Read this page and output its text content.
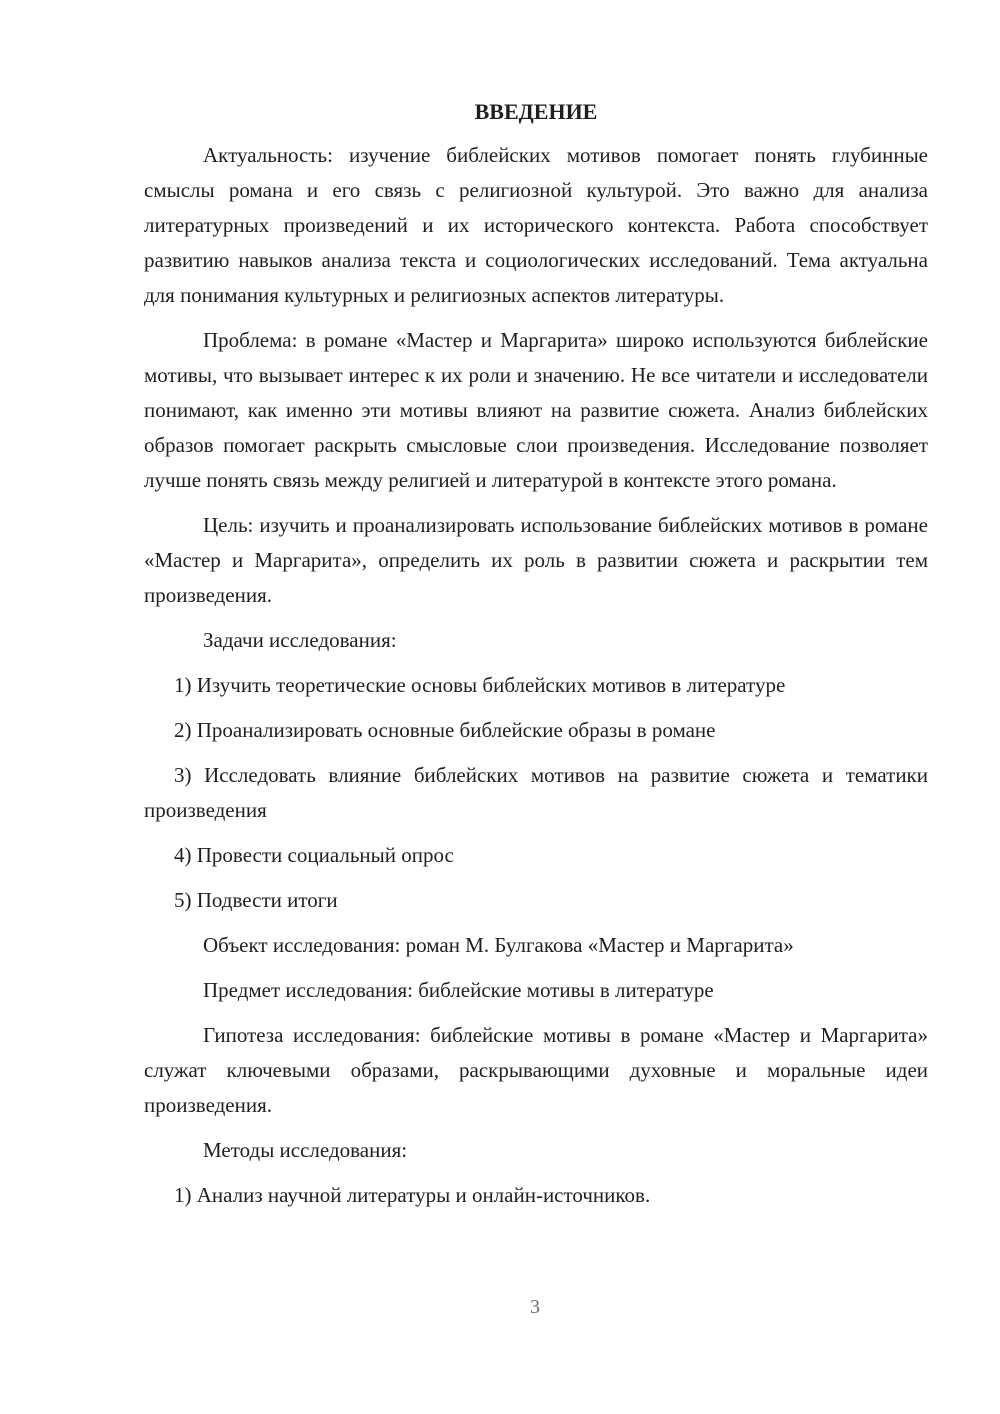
ВВЕДЕНИЕ

Актуальность: изучение библейских мотивов помогает понять глубинные смыслы романа и его связь с религиозной культурой. Это важно для анализа литературных произведений и их исторического контекста. Работа способствует развитию навыков анализа текста и социологических исследований. Тема актуальна для понимания культурных и религиозных аспектов литературы.

Проблема: в романе «Мастер и Маргарита» широко используются библейские мотивы, что вызывает интерес к их роли и значению. Не все читатели и исследователи понимают, как именно эти мотивы влияют на развитие сюжета. Анализ библейских образов помогает раскрыть смысловые слои произведения. Исследование позволяет лучше понять связь между религией и литературой в контексте этого романа.

Цель: изучить и проанализировать использование библейских мотивов в романе «Мастер и Маргарита», определить их роль в развитии сюжета и раскрытии тем произведения.

Задачи исследования:

1) Изучить теоретические основы библейских мотивов в литературе

2) Проанализировать основные библейские образы в романе

3) Исследовать влияние библейских мотивов на развитие сюжета и тематики произведения

4) Провести социальный опрос

5) Подвести итоги

Объект исследования: роман М. Булгакова «Мастер и Маргарита»

Предмет исследования: библейские мотивы в литературе

Гипотеза исследования: библейские мотивы в романе «Мастер и Маргарита» служат ключевыми образами, раскрывающими духовные и моральные идеи произведения.

Методы исследования:

1) Анализ научной литературы и онлайн-источников.

3
